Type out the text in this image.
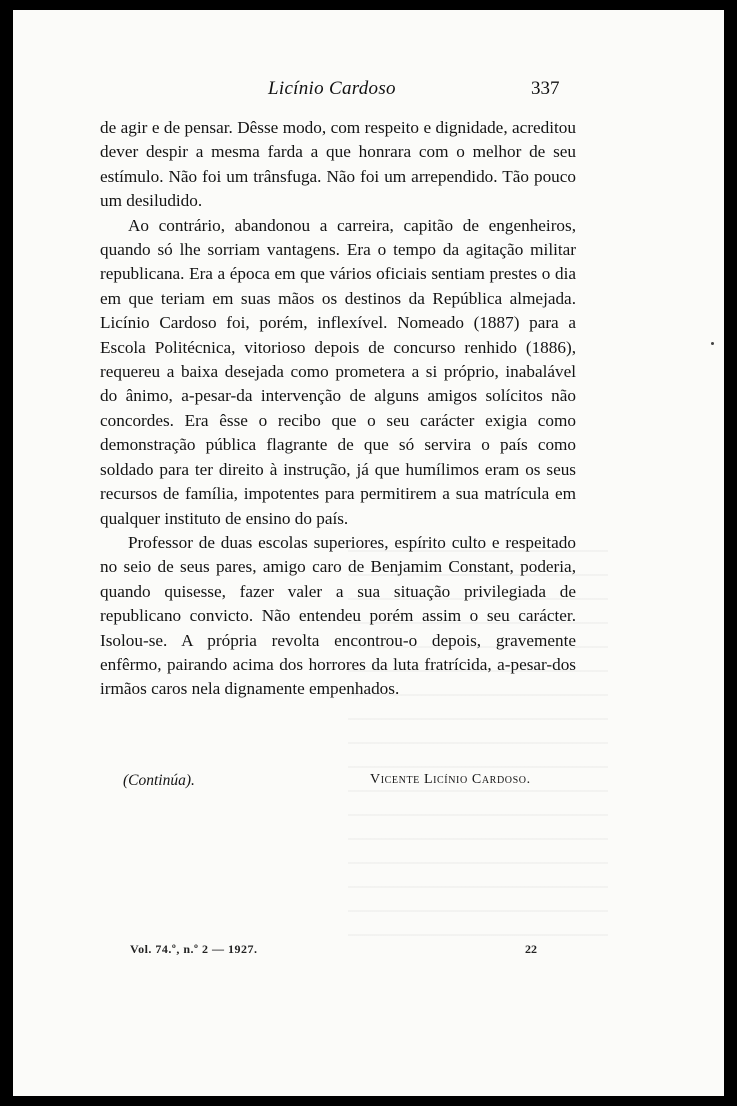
Licínio Cardoso	337

de agir e de pensar. Dêsse modo, com respeito e dignidade, acreditou dever despir a mesma farda a que honrara com o melhor de seu estímulo. Não foi um trânsfuga. Não foi um arrependido. Tão pouco um desiludido.

Ao contrário, abandonou a carreira, capitão de engenheiros, quando só lhe sorriam vantagens. Era o tempo da agitação militar republicana. Era a época em que vários oficiais sentiam prestes o dia em que teriam em suas mãos os destinos da República almejada. Licínio Cardoso foi, porém, inflexível. Nomeado (1887) para a Escola Politécnica, vitorioso depois de concurso renhido (1886), requereu a baixa desejada como prometera a si próprio, inabalável do ânimo, a-pesar-da intervenção de alguns amigos solícitos não concordes. Era êsse o recibo que o seu carácter exigia como demonstração pública flagrante de que só servira o país como soldado para ter direito à instrução, já que humílimos eram os seus recursos de família, impotentes para permitirem a sua matrícula em qualquer instituto de ensino do país.

Professor de duas escolas superiores, espírito culto e respeitado no seio de seus pares, amigo caro de Benjamim Constant, poderia, quando quisesse, fazer valer a sua situação privilegiada de republicano convicto. Não entendeu porém assim o seu carácter. Isolou-se. A própria revolta encontrou-o depois, gravemente enfêrmo, pairando acima dos horrores da luta fratrícida, a-pesar-dos irmãos caros nela dignamente empenhados.

(Continúa).	Vicente Licínio Cardoso.
Vol. 74.º, n.º 2 — 1927.	22
